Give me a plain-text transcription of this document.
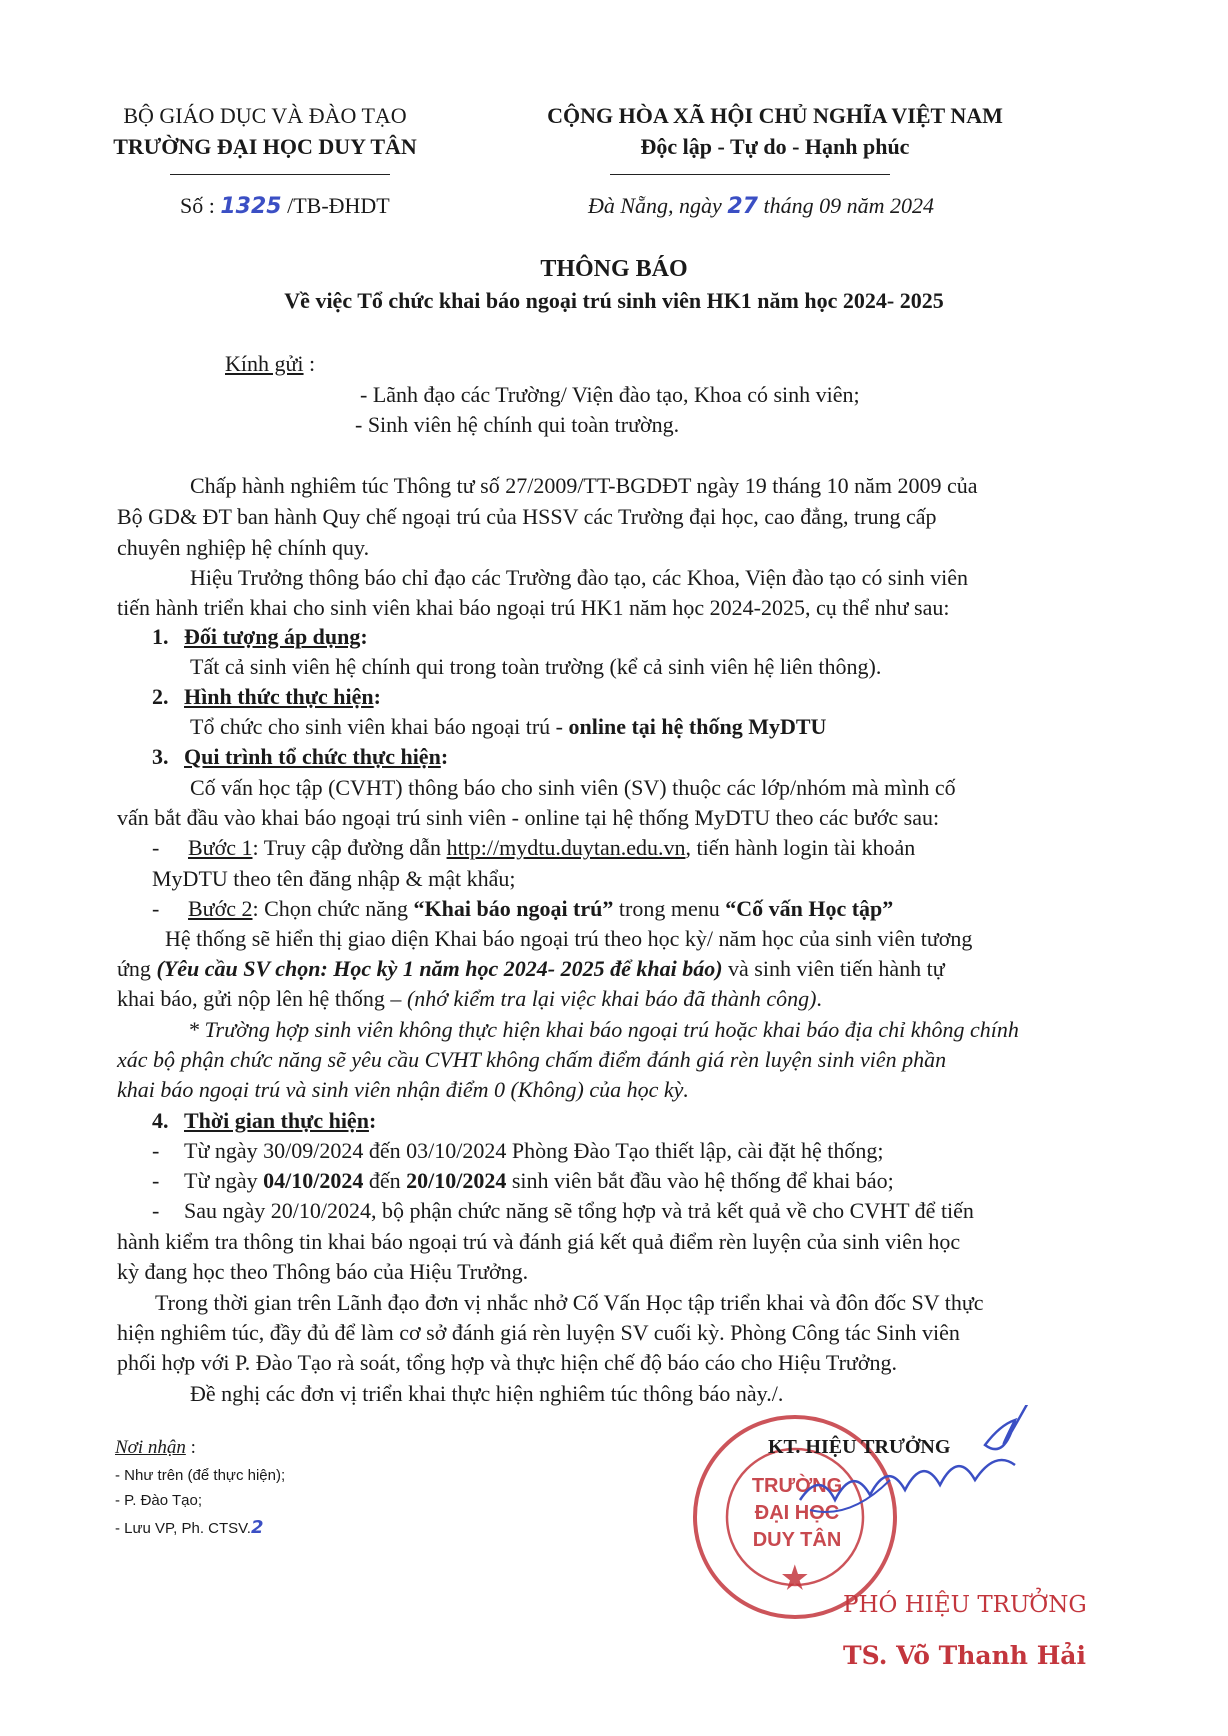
BỘ GIÁO DỤC VÀ ĐÀO TẠO
TRƯỜNG ĐẠI HỌC DUY TÂN
CỘNG HÒA XÃ HỘI CHỦ NGHĨA VIỆT NAM
Độc lập - Tự do - Hạnh phúc
Số : 1325 /TB-ĐHDT	Đà Nẵng, ngày 27 tháng 09 năm 2024
THÔNG BÁO
Về việc Tổ chức khai báo ngoại trú sinh viên HK1 năm học 2024- 2025
Kính gửi :
- Lãnh đạo các Trường/ Viện đào tạo, Khoa có sinh viên;
- Sinh viên hệ chính qui toàn trường.
Chấp hành nghiêm túc Thông tư số 27/2009/TT-BGDĐT ngày 19 tháng 10 năm 2009 của
Bộ GD& ĐT ban hành Quy chế ngoại trú của HSSV các Trường đại học, cao đẳng, trung cấp
chuyên nghiệp hệ chính quy.
Hiệu Trưởng thông báo chỉ đạo các Trường đào tạo, các Khoa, Viện đào tạo có sinh viên
tiến hành triển khai cho sinh viên khai báo ngoại trú HK1 năm học 2024-2025, cụ thể như sau:
1. Đối tượng áp dụng:
Tất cả sinh viên hệ chính qui trong toàn trường (kể cả sinh viên hệ liên thông).
2. Hình thức thực hiện:
Tổ chức cho sinh viên khai báo ngoại trú - online tại hệ thống MyDTU
3. Qui trình tổ chức thực hiện:
Cố vấn học tập (CVHT) thông báo cho sinh viên (SV) thuộc các lớp/nhóm mà mình cố
vấn bắt đầu vào khai báo ngoại trú sinh viên - online tại hệ thống MyDTU theo các bước sau:
- Bước 1: Truy cập đường dẫn http://mydtu.duytan.edu.vn, tiến hành login tài khoản
MyDTU theo tên đăng nhập & mật khẩu;
- Bước 2: Chọn chức năng “Khai báo ngoại trú” trong menu “Cố vấn Học tập”
Hệ thống sẽ hiển thị giao diện Khai báo ngoại trú theo học kỳ/ năm học của sinh viên tương
ứng (Yêu cầu SV chọn: Học kỳ 1 năm học 2024- 2025 để khai báo) và sinh viên tiến hành tự
khai báo, gửi nộp lên hệ thống – (nhớ kiểm tra lại việc khai báo đã thành công).
* Trường hợp sinh viên không thực hiện khai báo ngoại trú hoặc khai báo địa chỉ không chính
xác bộ phận chức năng sẽ yêu cầu CVHT không chấm điểm đánh giá rèn luyện sinh viên phần
khai báo ngoại trú và sinh viên nhận điểm 0 (Không) của học kỳ.
4. Thời gian thực hiện:
- Từ ngày 30/09/2024 đến 03/10/2024 Phòng Đào Tạo thiết lập, cài đặt hệ thống;
- Từ ngày 04/10/2024 đến 20/10/2024 sinh viên bắt đầu vào hệ thống để khai báo;
- Sau ngày 20/10/2024, bộ phận chức năng sẽ tổng hợp và trả kết quả về cho CVHT để tiến
hành kiểm tra thông tin khai báo ngoại trú và đánh giá kết quả điểm rèn luyện của sinh viên học
kỳ đang học theo Thông báo của Hiệu Trưởng.
Trong thời gian trên Lãnh đạo đơn vị nhắc nhở Cố Vấn Học tập triển khai và đôn đốc SV thực
hiện nghiêm túc, đầy đủ để làm cơ sở đánh giá rèn luyện SV cuối kỳ. Phòng Công tác Sinh viên
phối hợp với P. Đào Tạo rà soát, tổng hợp và thực hiện chế độ báo cáo cho Hiệu Trưởng.
Đề nghị các đơn vị triển khai thực hiện nghiêm túc thông báo này./.
Nơi nhận :
- Như trên (để thực hiện);
- P. Đào Tạo;
- Lưu VP, Ph. CTSV.2
TRƯỜNG ĐẠI HỌC DUY TÂN
KT. HIỆU TRƯỞNG
PHÓ HIỆU TRƯỞNG
TS. Võ Thanh Hải
